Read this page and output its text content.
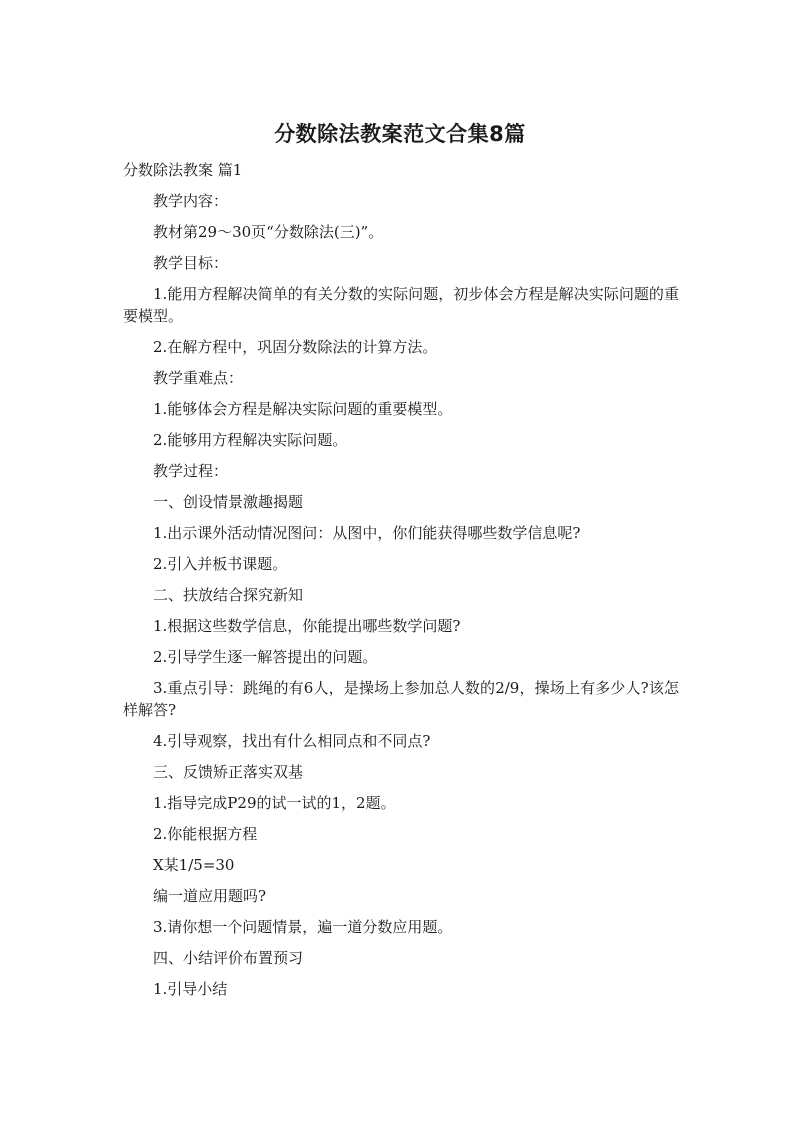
分数除法教案范文合集8篇

分数除法教案 篇1

教学内容：

教材第29～30页“分数除法(三)”。

教学目标：

1.能用方程解决简单的有关分数的实际问题，初步体会方程是解决实际问题的重要模型。

2.在解方程中，巩固分数除法的计算方法。

教学重难点：

1.能够体会方程是解决实际问题的重要模型。

2.能够用方程解决实际问题。

教学过程：

一、创设情景激趣揭题

1.出示课外活动情况图问：从图中，你们能获得哪些数学信息呢?

2.引入并板书课题。

二、扶放结合探究新知

1.根据这些数学信息，你能提出哪些数学问题?

2.引导学生逐一解答提出的问题。

3.重点引导：跳绳的有6人，是操场上参加总人数的2/9，操场上有多少人?该怎样解答?

4.引导观察，找出有什么相同点和不同点?

三、反馈矫正落实双基

1.指导完成P29的试一试的1，2题。

2.你能根据方程

X某1/5=30

编一道应用题吗?

3.请你想一个问题情景，遍一道分数应用题。

四、小结评价布置预习

1.引导小结
